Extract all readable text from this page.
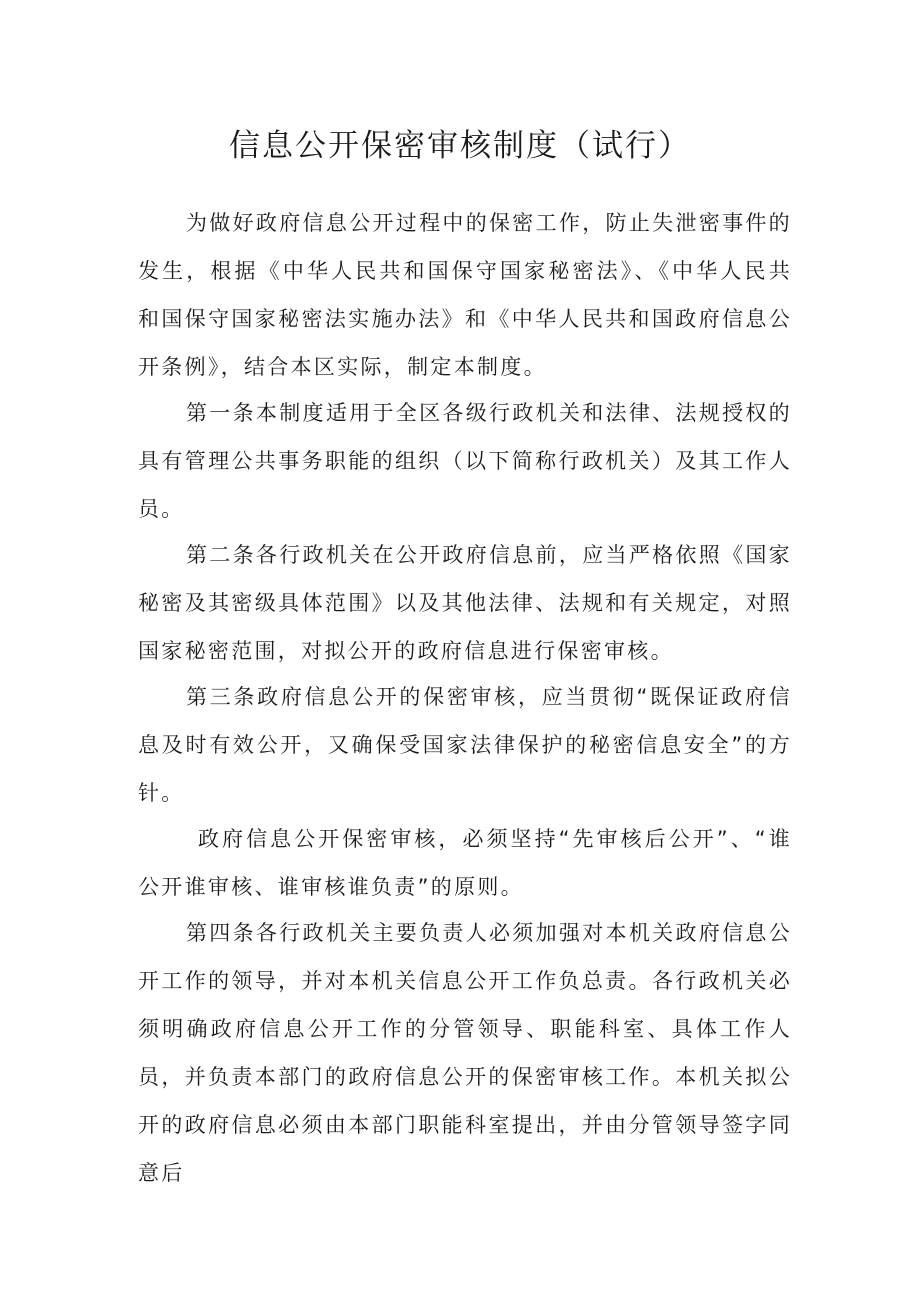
信息公开保密审核制度（试行）

为做好政府信息公开过程中的保密工作，防止失泄密事件的发生，根据《中华人民共和国保守国家秘密法》、《中华人民共和国保守国家秘密法实施办法》和《中华人民共和国政府信息公开条例》，结合本区实际，制定本制度。

第一条本制度适用于全区各级行政机关和法律、法规授权的具有管理公共事务职能的组织（以下简称行政机关）及其工作人员。

第二条各行政机关在公开政府信息前，应当严格依照《国家秘密及其密级具体范围》以及其他法律、法规和有关规定，对照国家秘密范围，对拟公开的政府信息进行保密审核。

第三条政府信息公开的保密审核，应当贯彻“既保证政府信息及时有效公开，又确保受国家法律保护的秘密信息安全”的方针。

政府信息公开保密审核，必须坚持“先审核后公开”、“谁公开谁审核、谁审核谁负责”的原则。

第四条各行政机关主要负责人必须加强对本机关政府信息公开工作的领导，并对本机关信息公开工作负总责。各行政机关必须明确政府信息公开工作的分管领导、职能科室、具体工作人员，并负责本部门的政府信息公开的保密审核工作。本机关拟公开的政府信息必须由本部门职能科室提出，并由分管领导签字同意后
